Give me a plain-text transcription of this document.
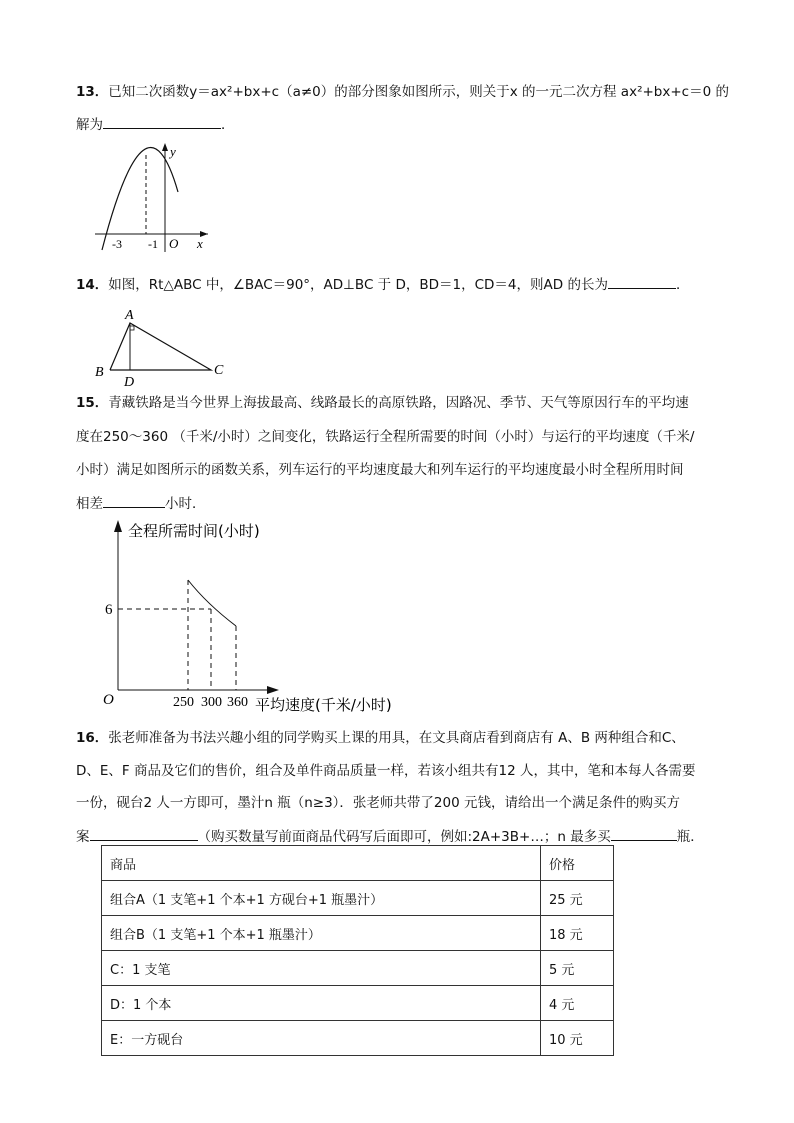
13．已知二次函数y＝ax²+bx+c（a≠0）的部分图象如图所示，则关于x 的一元二次方程 ax²+bx+c＝0 的
解为	．
y
x
O
-3 -1
14．如图，Rt△ABC 中，∠BAC＝90°，AD⊥BC 于 D，BD＝1，CD＝4，则AD 的长为	．
A
B	C
D
15．青藏铁路是当今世界上海拔最高、线路最长的高原铁路，因路况、季节、天气等原因行车的平均速
度在250～360 （千米/小时）之间变化，铁路运行全程所需要的时间（小时）与运行的平均速度（千米/
小时）满足如图所示的函数关系，列车运行的平均速度最大和列车运行的平均速度最小时全程所用时间
相差	小时．
全程所需时间(小时)
平均速度(千米/小时)
O
6
250 300 360
16．张老师准备为书法兴趣小组的同学购买上课的用具，在文具商店看到商店有 A、B 两种组合和C、
D、E、F 商品及它们的售价，组合及单件商品质量一样，若该小组共有12 人，其中，笔和本每人各需要
一份，砚台2 人一方即可，墨汁n 瓶（n≥3）．张老师共带了200 元钱，请给出一个满足条件的购买方
案	（购买数量写前面商品代码写后面即可，例如:2A+3B+…；n 最多买	瓶．
商品	价格
组合A（1 支笔+1 个本+1 方砚台+1 瓶墨汁）	25 元
组合B（1 支笔+1 个本+1 瓶墨汁）	18 元
C：1 支笔	5 元
D：1 个本	4 元
E：一方砚台	10 元
